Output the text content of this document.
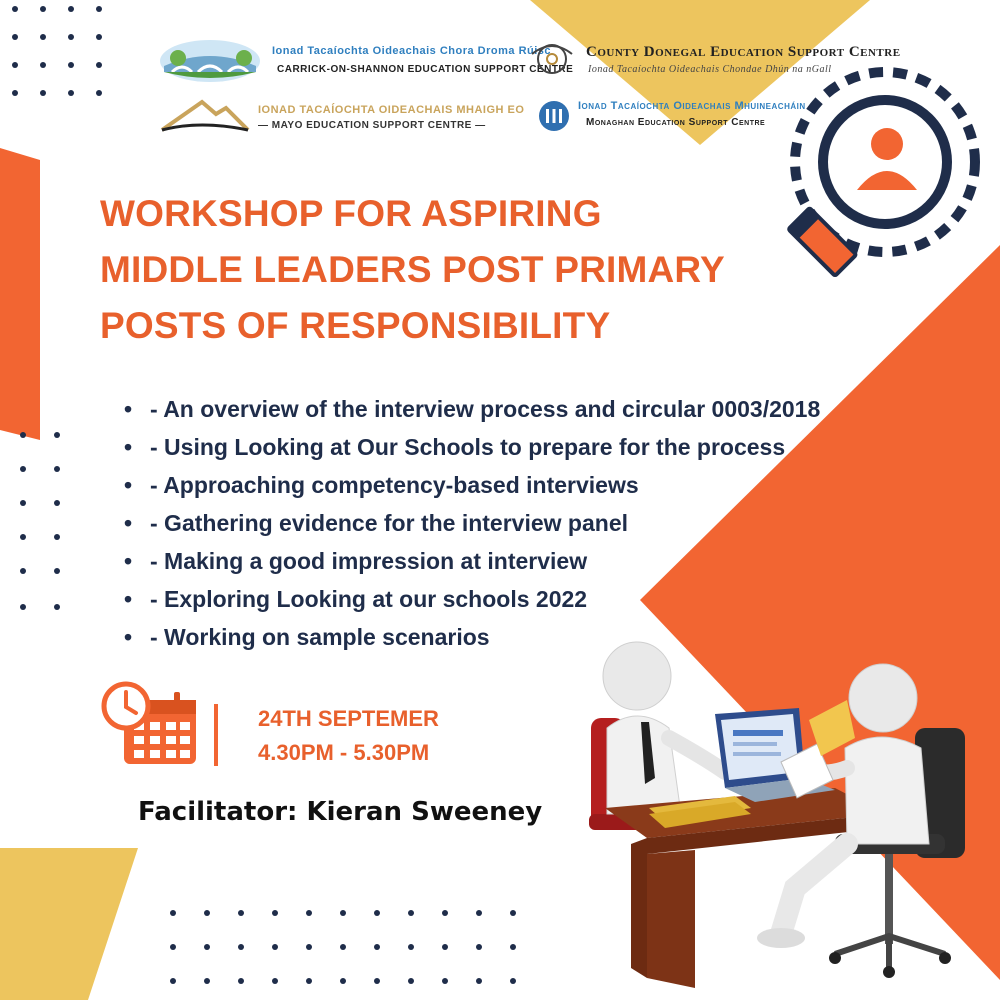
Ionad Tacaíochta Oideachais Chora Droma Rúisc
CARRICK-ON-SHANNON EDUCATION SUPPORT CENTRE
County Donegal Education Support Centre
Ionad Tacaíochta Oideachais Chondae Dhún na nGall
IONAD TACAÍOCHTA OIDEACHAIS MHAIGH EO
— MAYO EDUCATION SUPPORT CENTRE —
Ionad Tacaíochta Oideachais Mhuineacháin
Monaghan Education Support Centre
WORKSHOP FOR ASPIRING
MIDDLE LEADERS POST PRIMARY
POSTS OF RESPONSIBILITY
• - An overview of the interview process and circular 0003/2018
• - Using Looking at Our Schools to prepare for the process
• - Approaching competency-based interviews
• - Gathering evidence for the interview panel
• - Making a good impression at interview
• - Exploring Looking at our schools 2022
• - Working on sample scenarios
24TH SEPTEMER
4.30PM - 5.30PM
Facilitator: Kieran Sweeney
